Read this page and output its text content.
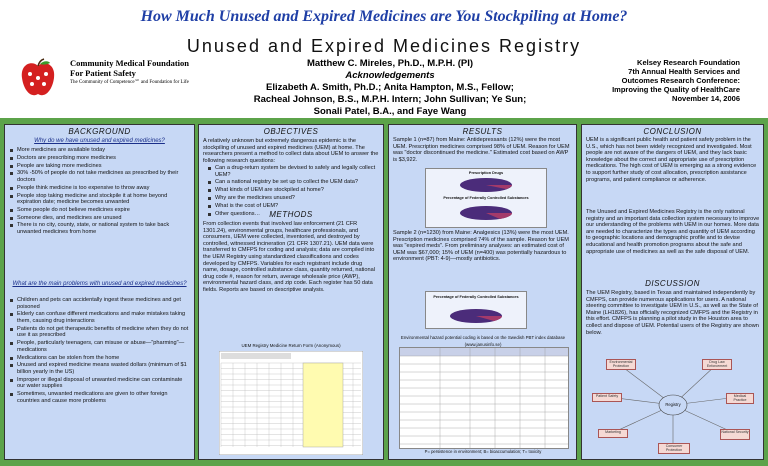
How Much Unused and Expired Medicines are You Stockpiling at Home?
Unused and Expired Medicines Registry
Community Medical Foundation
For Patient Safety
The Community of Competence℠ and Foundation for Life
Matthew C. Mireles, Ph.D., M.P.H. (PI)
Acknowledgements
Elizabeth A. Smith, Ph.D.; Anita Hampton, M.S., Fellow;
Racheal Johnson, B.S., M.P.H. Intern; John Sullivan; Ye Sun;
Sonali Patel, B.A., and Faye Wang
Kelsey Research Foundation
7th Annual Health Services and
Outcomes Research Conference:
Improving the Quality of HealthCare
November 14, 2006
BACKGROUND
Why do we have unused and expired medicines?
More medicines are available today
Doctors are prescribing more medicines
People are taking more medicines
30% -50% of people do not take medicines as prescribed by their doctors
People think medicine is too expensive to throw away
People stop taking medicine and stockpile it at home beyond expiration date; medicine becomes unwanted
Some people do not believe medicines expire
Someone dies, and medicines are unused
There is no city, county, state, or national system to take back unwanted medicines from home
What are the main problems with unused and expired medicines?
Children and pets can accidentally ingest these medicines and get poisoned
Elderly can confuse different medications and make mistakes taking them, causing drug interactions
Patients do not get therapeutic benefits of medicine when they do not use it as prescribed
People, particularly teenagers, can misuse or abuse—"pharming"—medications
Medications can be stolen from the home
Unused and expired medicine means wasted dollars (minimum of $1 billion yearly in the US)
Improper or illegal disposal of unwanted medicine can contaminate our water supplies
Sometimes, unwanted medications are given to other foreign countries and cause more problems
OBJECTIVES
A relatively unknown but extremely dangerous epidemic is the stockpiling of unused and expired medicines (UEM) at home. The researchers present a method to collect data about UEM to answer the following research questions:
Can a drug-return system be devised to safely and legally collect UEM?
Can a national registry be set up to collect the UEM data?
What kinds of UEM are stockpiled at home?
Why are the medicines unused?
What is the cost of UEM?
Other questions…	METHODS
From collection events that involved law enforcement (21 CFR 1301.24), environmental groups, healthcare professionals, and consumers, UEM were collected, inventoried, and destroyed by controlled, witnessed incineration (21 CFR 1307.21). UEM data were transferred to CMFPS for coding and analysis; data are compiled into the UEM Registry using standardized classifications and codes developed by CMFPS. Variables for each registrant include drug name, dosage, controlled substance class, quantity returned, national drug code #, reason for return, average wholesale price (AWP), environmental hazard class, and zip code. Each register has 50 data fields. Reports are based on descriptive analysis.
UEM Registry Medicine Return Form (Anonymous)
RESULTS
Sample 1 (n=87) from Maine: Antidepressants (12%) were the most UEM. Prescription medicines comprised 98% of UEM. Reason for UEM was "doctor discontinued the medicine." Estimated cost based on AWP is $3,922.
Prescription Drugs
Percentage of Federally Controlled Substances
Sample 2 (n=1230) from Maine: Analgesics (13%) were the most UEM. Prescription medicines comprised 74% of the sample. Reason for UEM was "expired meds". From preliminary analyses: an estimated cost of UEM was $67,000; 15% of UEM (n=400) was potentially hazardous to environment (PBT: 4-9)—mostly antibiotics.
Percentage of Federally Controlled Substances
Environmental hazard potential coding is based on the Swedish PBT index database (www.janusinfo.se)
P= persistence in environment; B= bioaccumulation; T= toxicity
CONCLUSION
UEM is a significant public health and patient safety problem in the U.S., which has not been widely recognized and investigated. Most people are not aware of the dangers of UEM, and they lack basic knowledge about the correct and appropriate use of prescription medications. The high cost of UEM is emerging as a strong evidence to support further study of cost allocation, prescription assistance programs, and patient compliance or adherence.
The Unused and Expired Medicines Registry is the only national registry and an important data collection system necessary to improve our understanding of the problems with UEM in our homes. More data are needed to characterize the types and quantity of UEM according to geographic locations and demographic profile and to devise educational and health promotion programs about the safe and appropriate use of medicines as well as the safe disposal of UEM.
DISCUSSION
The UEM Registry, based in Texas and maintained independently by CMFPS, can provide numerous applications for users. A national steering committee to investigate UEM in U.S., as well as the State of Maine (LH1826), has officially recognized CMFPS and the Registry in this effort. CMFPS is planning a pilot study in the Houston area to collect and dispose of UEM. Potential users of the Registry are shown below.
Registry
Environmental Protection
Drug Law Enforcement
Patient Safety	Medical Practice
Marketing	National Security
Consumer Protection
